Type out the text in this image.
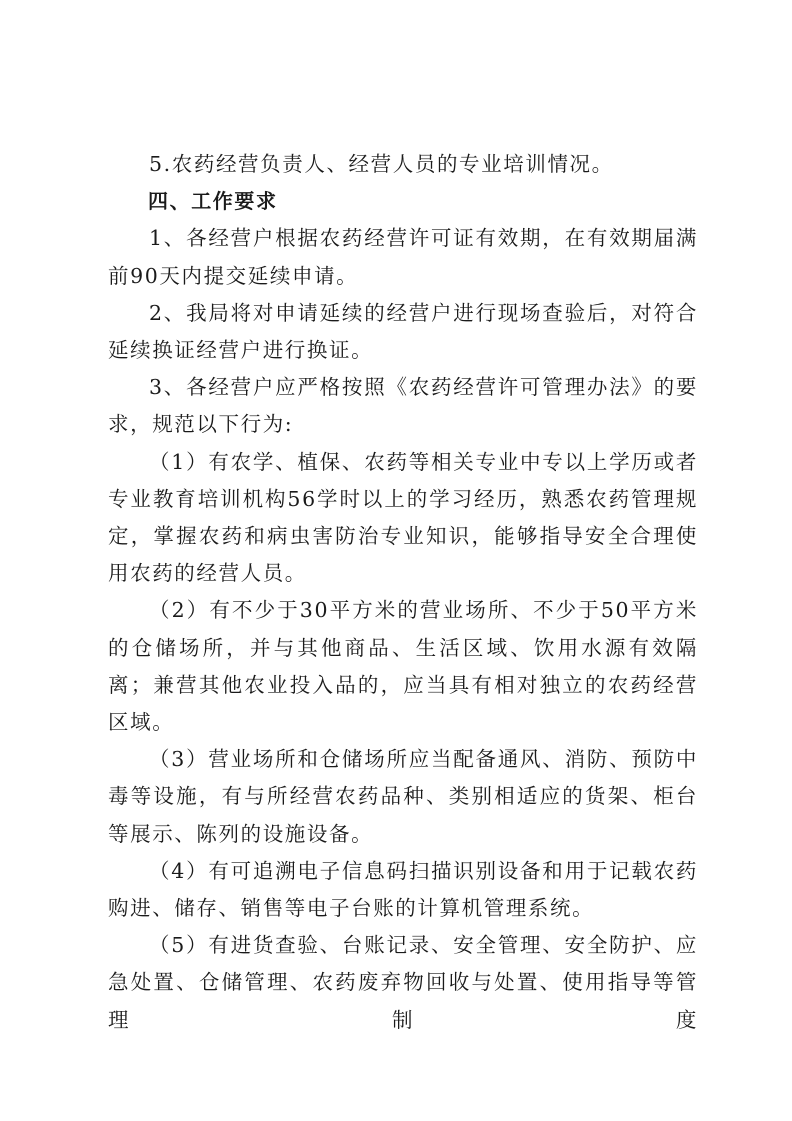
5.农药经营负责人、经营人员的专业培训情况。

四、工作要求

1、各经营户根据农药经营许可证有效期，在有效期届满前90天内提交延续申请。

2、我局将对申请延续的经营户进行现场查验后，对符合延续换证经营户进行换证。

3、各经营户应严格按照《农药经营许可管理办法》的要求，规范以下行为:

（1）有农学、植保、农药等相关专业中专以上学历或者专业教育培训机构56学时以上的学习经历，熟悉农药管理规定，掌握农药和病虫害防治专业知识，能够指导安全合理使用农药的经营人员。

（2）有不少于30平方米的营业场所、不少于50平方米的仓储场所，并与其他商品、生活区域、饮用水源有效隔离；兼营其他农业投入品的，应当具有相对独立的农药经营区域。

（3）营业场所和仓储场所应当配备通风、消防、预防中毒等设施，有与所经营农药品种、类别相适应的货架、柜台等展示、陈列的设施设备。

（4）有可追溯电子信息码扫描识别设备和用于记载农药购进、储存、销售等电子台账的计算机管理系统。

（5）有进货查验、台账记录、安全管理、安全防护、应急处置、仓储管理、农药废弃物回收与处置、使用指导等管理制度
